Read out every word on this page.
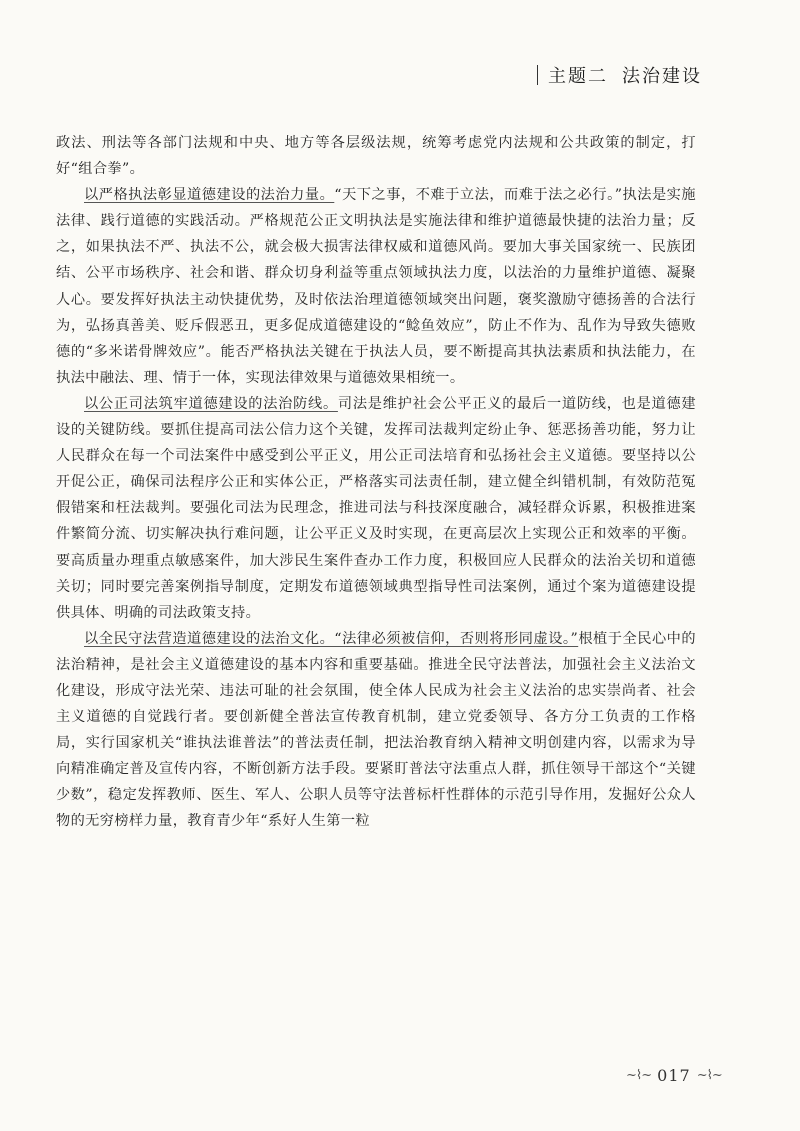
主题二 法治建设

政法、刑法等各部门法规和中央、地方等各层级法规，统筹考虑党内法规和公共政策的制定，打好“组合拳”。

以严格执法彰显道德建设的法治力量。“天下之事，不难于立法，而难于法之必行。”执法是实施法律、践行道德的实践活动。严格规范公正文明执法是实施法律和维护道德最快捷的法治力量；反之，如果执法不严、执法不公，就会极大损害法律权威和道德风尚。要加大事关国家统一、民族团结、公平市场秩序、社会和谐、群众切身利益等重点领域执法力度，以法治的力量维护道德、凝聚人心。要发挥好执法主动快捷优势，及时依法治理道德领域突出问题，褒奖激励守德扬善的合法行为，弘扬真善美、贬斥假恶丑，更多促成道德建设的“鲶鱼效应”，防止不作为、乱作为导致失德败德的“多米诺骨牌效应”。能否严格执法关键在于执法人员，要不断提高其执法素质和执法能力，在执法中融法、理、情于一体，实现法律效果与道德效果相统一。

以公正司法筑牢道德建设的法治防线。司法是维护社会公平正义的最后一道防线，也是道德建设的关键防线。要抓住提高司法公信力这个关键，发挥司法裁判定纷止争、惩恶扬善功能，努力让人民群众在每一个司法案件中感受到公平正义，用公正司法培育和弘扬社会主义道德。要坚持以公开促公正，确保司法程序公正和实体公正，严格落实司法责任制，建立健全纠错机制，有效防范冤假错案和枉法裁判。要强化司法为民理念，推进司法与科技深度融合，减轻群众诉累，积极推进案件繁简分流、切实解决执行难问题，让公平正义及时实现，在更高层次上实现公正和效率的平衡。要高质量办理重点敏感案件，加大涉民生案件查办工作力度，积极回应人民群众的法治关切和道德关切；同时要完善案例指导制度，定期发布道德领域典型指导性司法案例，通过个案为道德建设提供具体、明确的司法政策支持。

以全民守法营造道德建设的法治文化。“法律必须被信仰，否则将形同虚设。”根植于全民心中的法治精神，是社会主义道德建设的基本内容和重要基础。推进全民守法普法，加强社会主义法治文化建设，形成守法光荣、违法可耻的社会氛围，使全体人民成为社会主义法治的忠实崇尚者、社会主义道德的自觉践行者。要创新健全普法宣传教育机制，建立党委领导、各方分工负责的工作格局，实行国家机关“谁执法谁普法”的普法责任制，把法治教育纳入精神文明创建内容，以需求为导向精准确定普及宣传内容，不断创新方法手段。要紧盯普法守法重点人群，抓住领导干部这个“关键少数”，稳定发挥教师、医生、军人、公职人员等守法普标杆性群体的示范引导作用，发掘好公众人物的无穷榜样力量，教育青少年“系好人生第一粒

~⌇~ 017 ~⌇~
